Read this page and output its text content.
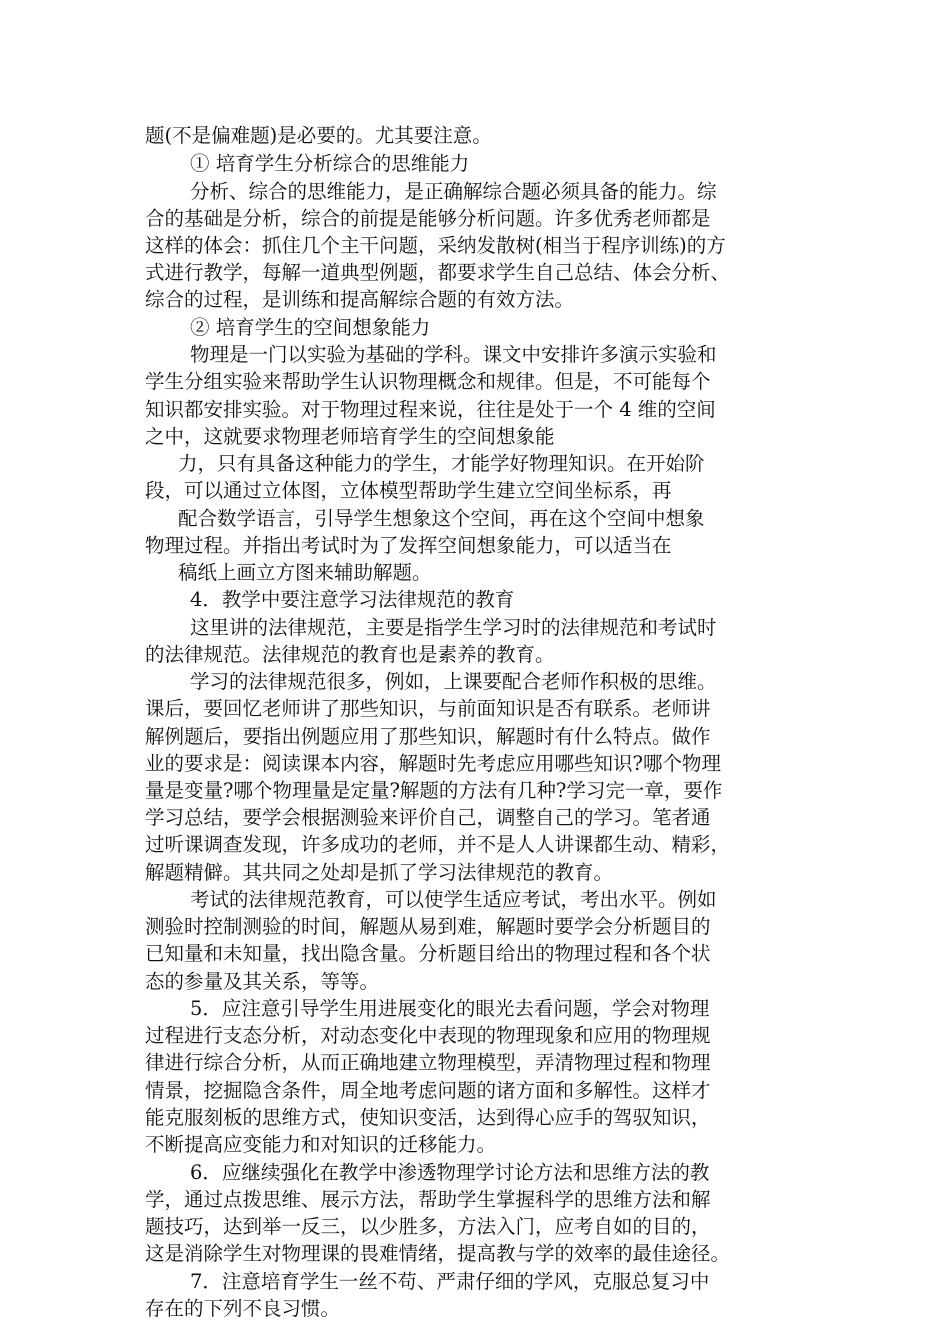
题(不是偏难题)是必要的。尤其要注意。
① 培育学生分析综合的思维能力
分析、综合的思维能力，是正确解综合题必须具备的能力。综
合的基础是分析，综合的前提是能够分析问题。许多优秀老师都是
这样的体会：抓住几个主干问题，采纳发散树(相当于程序训练)的方
式进行教学，每解一道典型例题，都要求学生自己总结、体会分析、
综合的过程，是训练和提高解综合题的有效方法。
② 培育学生的空间想象能力
物理是一门以实验为基础的学科。课文中安排许多演示实验和
学生分组实验来帮助学生认识物理概念和规律。但是，不可能每个
知识都安排实验。对于物理过程来说，往往是处于一个 4 维的空间
之中，这就要求物理老师培育学生的空间想象能
力，只有具备这种能力的学生，才能学好物理知识。在开始阶
段，可以通过立体图，立体模型帮助学生建立空间坐标系，再
配合数学语言，引导学生想象这个空间，再在这个空间中想象
物理过程。并指出考试时为了发挥空间想象能力，可以适当在
稿纸上画立方图来辅助解题。
4．教学中要注意学习法律规范的教育
这里讲的法律规范，主要是指学生学习时的法律规范和考试时
的法律规范。法律规范的教育也是素养的教育。
学习的法律规范很多，例如，上课要配合老师作积极的思维。
课后，要回忆老师讲了那些知识，与前面知识是否有联系。老师讲
解例题后，要指出例题应用了那些知识，解题时有什么特点。做作
业的要求是：阅读课本内容，解题时先考虑应用哪些知识?哪个物理
量是变量?哪个物理量是定量?解题的方法有几种?学习完一章，要作
学习总结，要学会根据测验来评价自己，调整自己的学习。笔者通
过听课调查发现，许多成功的老师，并不是人人讲课都生动、精彩，
解题精僻。其共同之处却是抓了学习法律规范的教育。
考试的法律规范教育，可以使学生适应考试，考出水平。例如
测验时控制测验的时间，解题从易到难，解题时要学会分析题目的
已知量和未知量，找出隐含量。分析题目给出的物理过程和各个状
态的参量及其关系，等等。
5．应注意引导学生用进展变化的眼光去看问题，学会对物理
过程进行支态分析，对动态变化中表现的物理现象和应用的物理规
律进行综合分析，从而正确地建立物理模型，弄清物理过程和物理
情景，挖掘隐含条件，周全地考虑问题的诸方面和多解性。这样才
能克服刻板的思维方式，使知识变活，达到得心应手的驾驭知识，
不断提高应变能力和对知识的迁移能力。
6．应继续强化在教学中渗透物理学讨论方法和思维方法的教
学，通过点拨思维、展示方法，帮助学生掌握科学的思维方法和解
题技巧，达到举一反三，以少胜多，方法入门，应考自如的目的，
这是消除学生对物理课的畏难情绪，提高教与学的效率的最佳途径。
7．注意培育学生一丝不苟、严肃仔细的学风，克服总复习中
存在的下列不良习惯。
